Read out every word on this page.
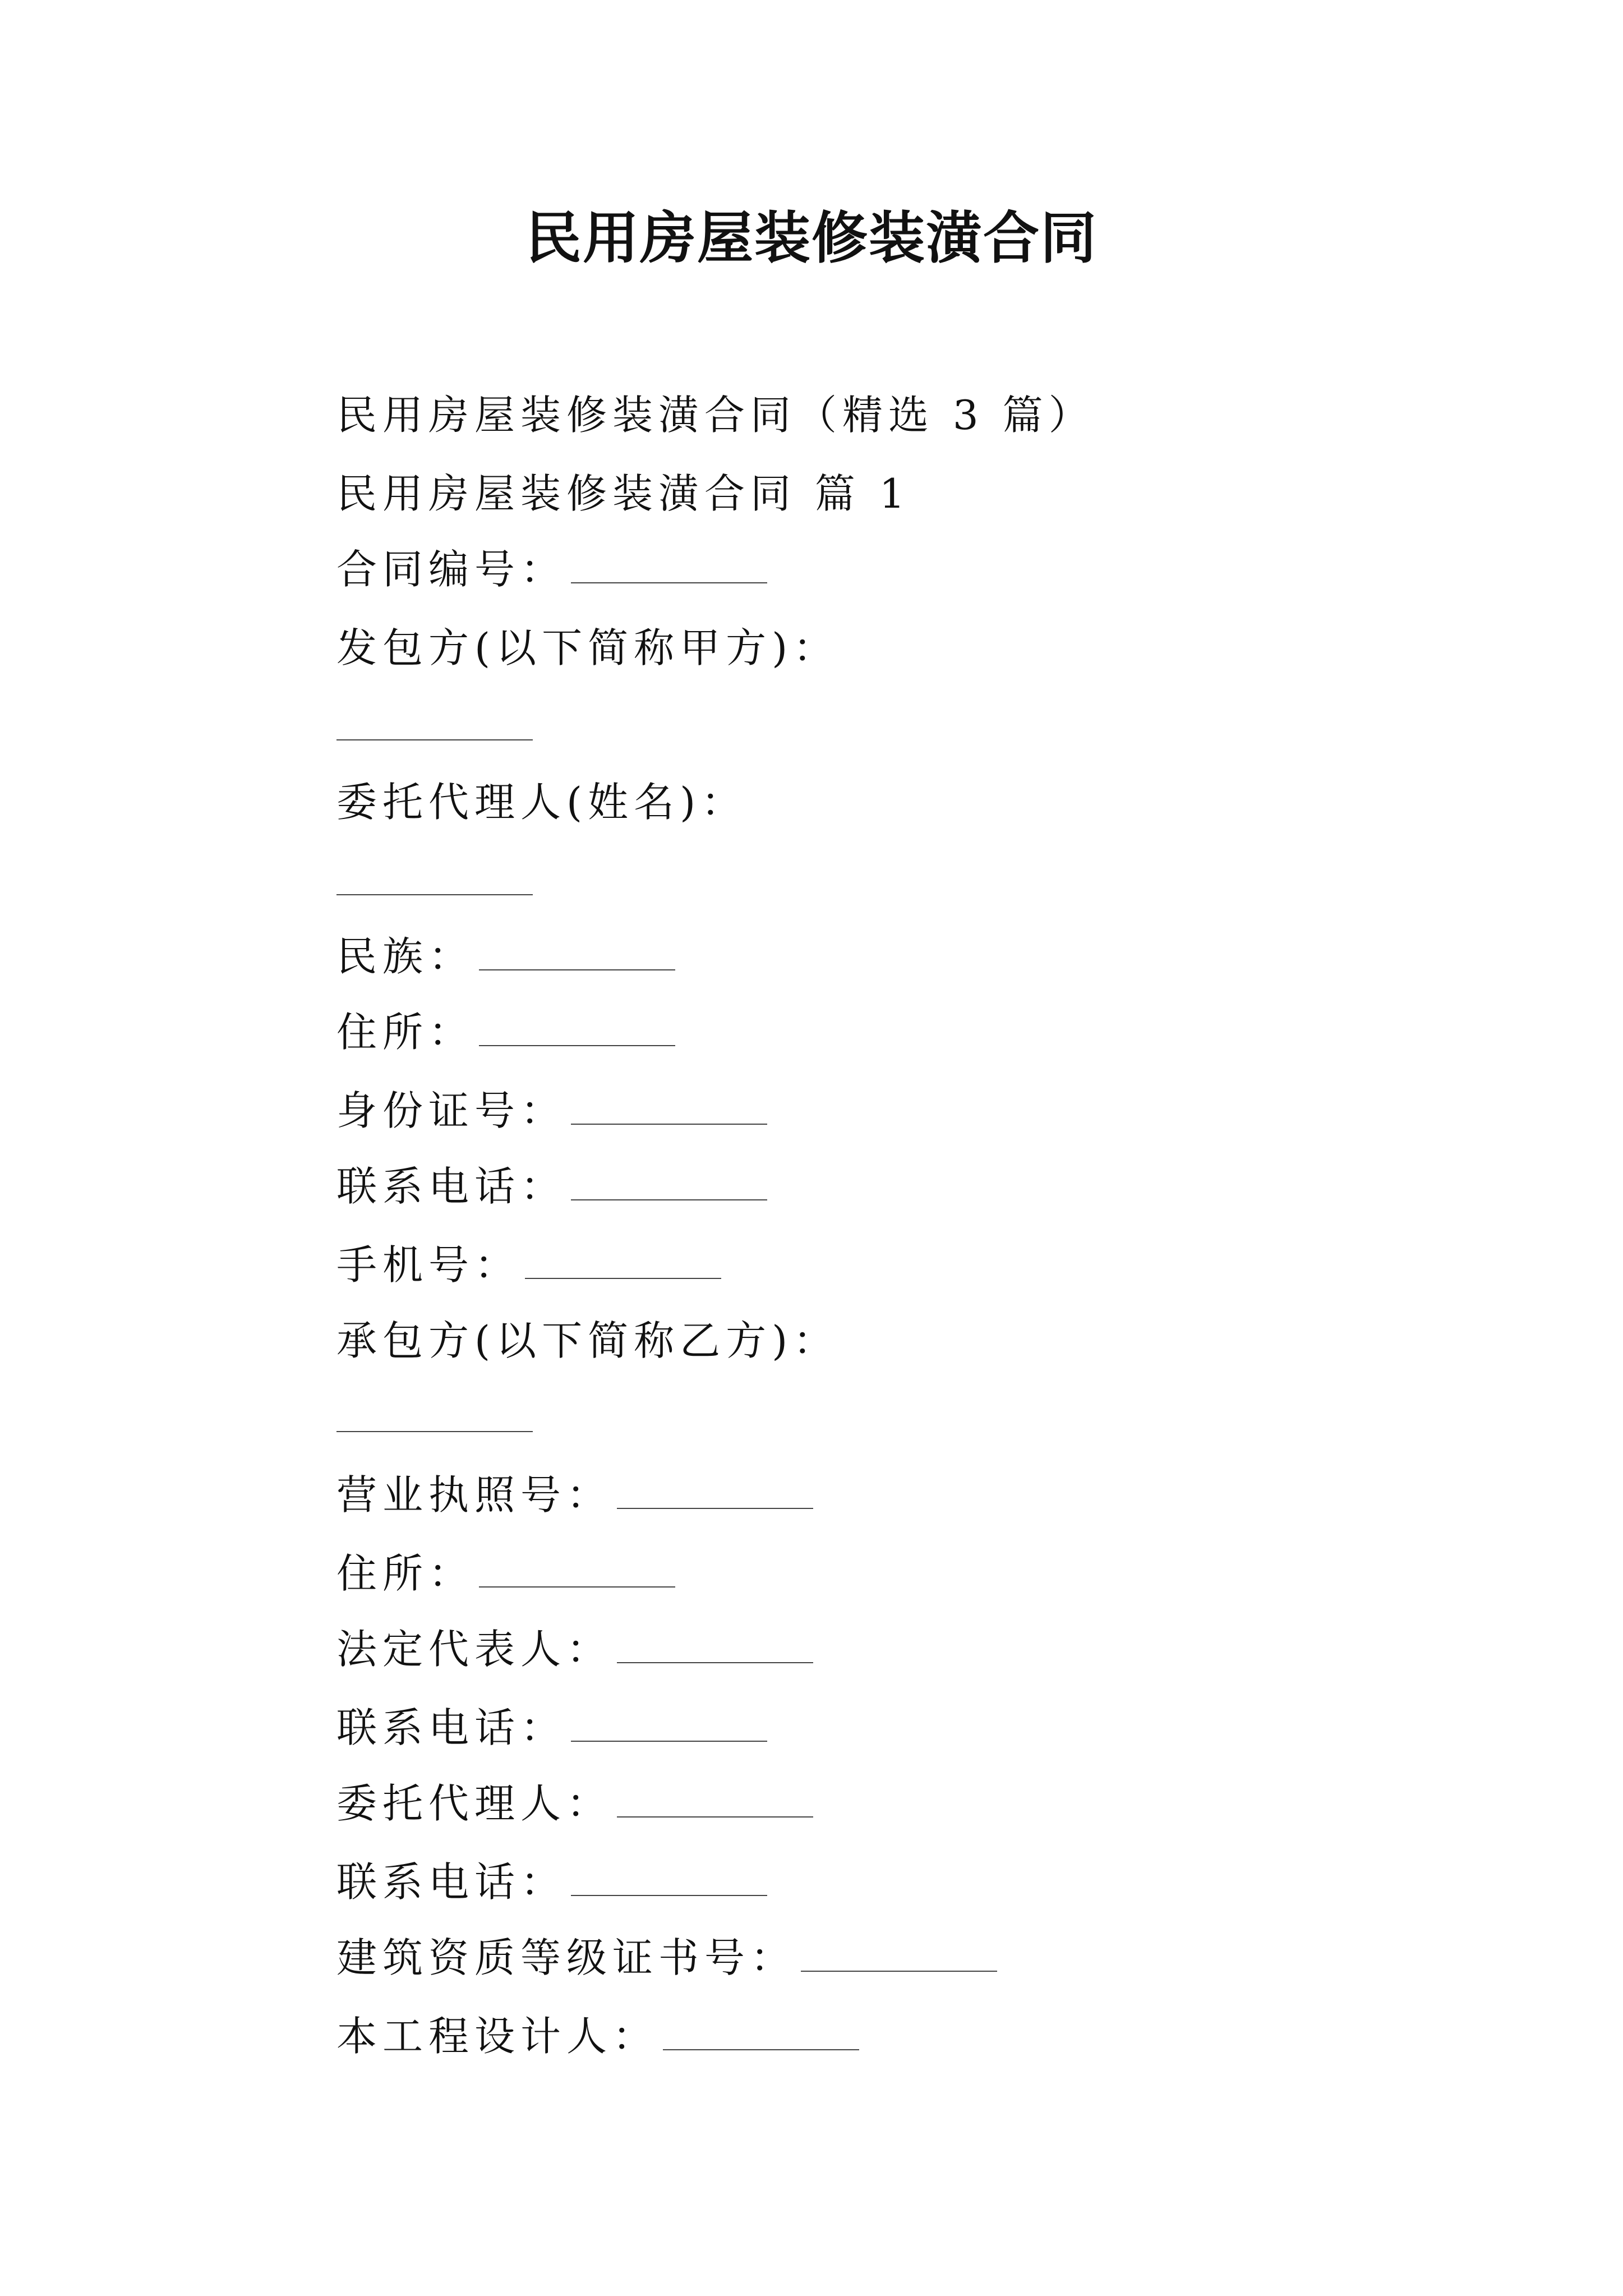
民用房屋装修装潢合同
民用房屋装修装潢合同（精选 3 篇）
民用房屋装修装潢合同 篇 1
合同编号：
发包方(以下简称甲方)：
委托代理人(姓名)：
民族：
住所：
身份证号：
联系电话：
手机号：
承包方(以下简称乙方)：
营业执照号：
住所：
法定代表人：
联系电话：
委托代理人：
联系电话：
建筑资质等级证书号：
本工程设计人：
